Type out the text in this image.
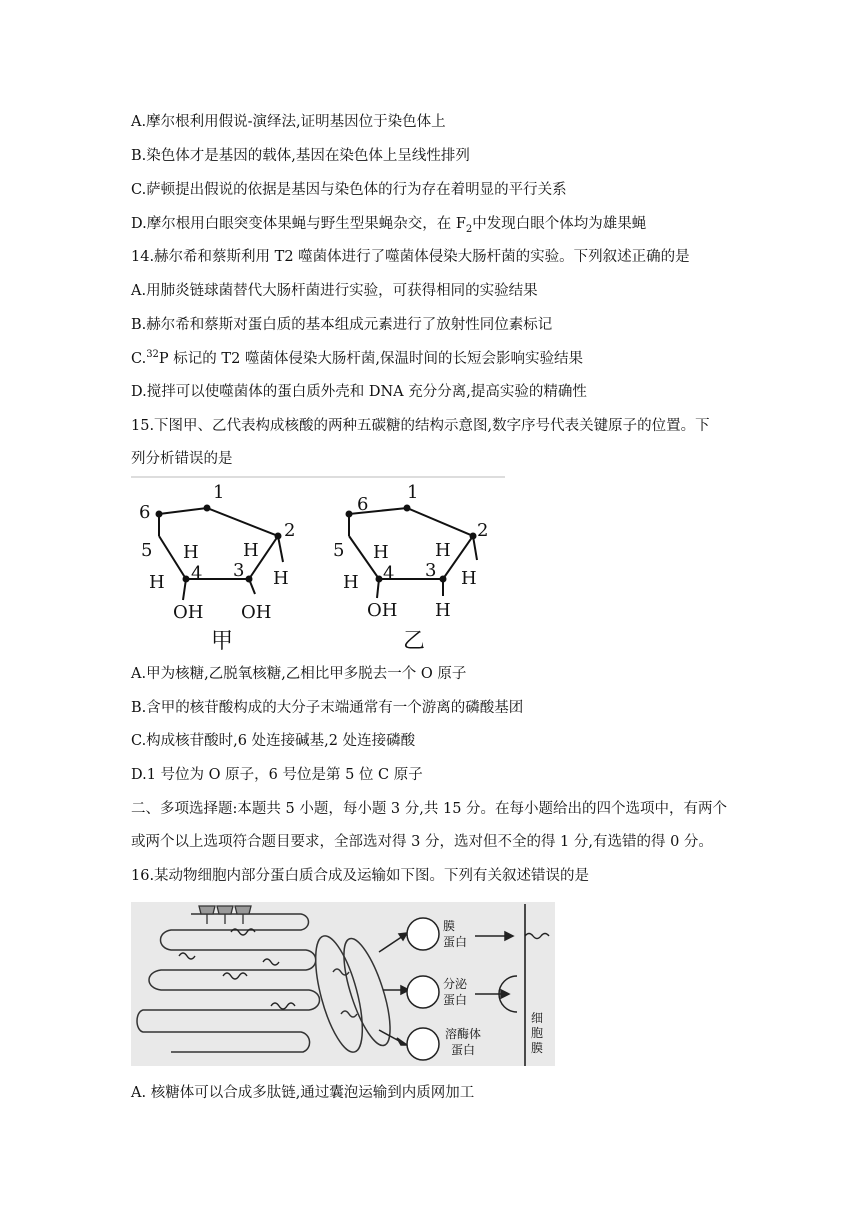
A.摩尔根利用假说-演绎法,证明基因位于染色体上
B.染色体才是基因的载体,基因在染色体上呈线性排列
C.萨顿提出假说的依据是基因与染色体的行为存在着明显的平行关系
D.摩尔根用白眼突变体果蝇与野生型果蝇杂交，在 $F_2$中发现白眼个体均为雄果蝇
14.赫尔希和蔡斯利用 T2 噬菌体进行了噬菌体侵染大肠杆菌的实验。下列叙述正确的是
A.用肺炎链球菌替代大肠杆菌进行实验，可获得相同的实验结果
B.赫尔希和蔡斯对蛋白质的基本组成元素进行了放射性同位素标记
C.$^{32}$P 标记的 T2 噬菌体侵染大肠杆菌,保温时间的长短会影响实验结果
D.搅拌可以使噬菌体的蛋白质外壳和 DNA 充分分离,提高实验的精确性
15.下图甲、乙代表构成核酸的两种五碳糖的结构示意图,数字序号代表关键原子的位置。下
列分析错误的是
6
1
2
3
4
5 H H
H	H
OH OH
甲
6
1
2
3
4
5 H	H
H	H
OH H
乙
A.甲为核糖,乙脱氧核糖,乙相比甲多脱去一个 O 原子
B.含甲的核苷酸构成的大分子末端通常有一个游离的磷酸基团
C.构成核苷酸时,6 处连接碱基,2 处连接磷酸
D.1 号位为 O 原子，6 号位是第 5 位 C 原子
二、多项选择题:本题共 5 小题，每小题 3 分,共 15 分。在每小题给出的四个选项中，有两个
或两个以上选项符合题目要求，全部选对得 3 分，选对但不全的得 1 分,有选错的得 0 分。
16.某动物细胞内部分蛋白质合成及运输如下图。下列有关叙述错误的是
膜
蛋白
分泌
蛋白
溶酶体
蛋白
细
胞
膜
A. 核糖体可以合成多肽链,通过囊泡运输到内质网加工
